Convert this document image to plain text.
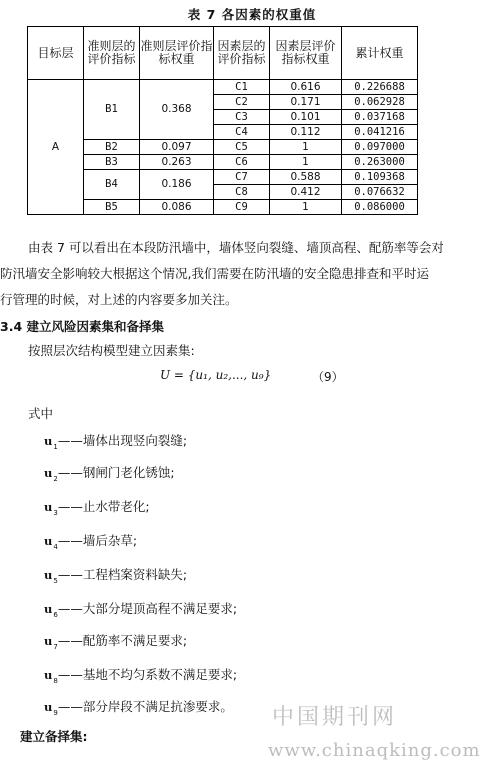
表 7 各因素的权重值
目标层	准则层的评价指标	准则层评价指标权重	因素层的评价指标	因素层评价指标权重	累计权重
A	B1	0.368	C1	0.616	0.226688
			C2	0.171	0.062928
			C3	0.101	0.037168
			C4	0.112	0.041216
	B2	0.097	C5	1	0.097000
	B3	0.263	C6	1	0.263000
	B4	0.186	C7	0.588	0.109368
			C8	0.412	0.076632
	B5	0.086	C9	1	0.086000
由表 7 可以看出在本段防汛墙中，墙体竖向裂缝、墙顶高程、配筋率等会对
防汛墙安全影响较大根据这个情况,我们需要在防汛墙的安全隐患排查和平时运
行管理的时候，对上述的内容要多加关注。
3.4 建立风险因素集和备择集
按照层次结构模型建立因素集:
U = {u₁, u₂,..., u₉}	（9）
式中
$u_1——$墙体出现竖向裂缝;
$u_2——$钢闸门老化锈蚀;
$u_3——$止水带老化;
$u_4——$墙后杂草;
$u_5——$工程档案资料缺失;
$u_6——$大部分堤顶高程不满足要求;
$u_7——$配筋率不满足要求;
$u_8——$基地不均匀系数不满足要求;
$u_9——$部分岸段不满足抗渗要求。
建立备择集:
中国期刊网
www.chinaqking.com
